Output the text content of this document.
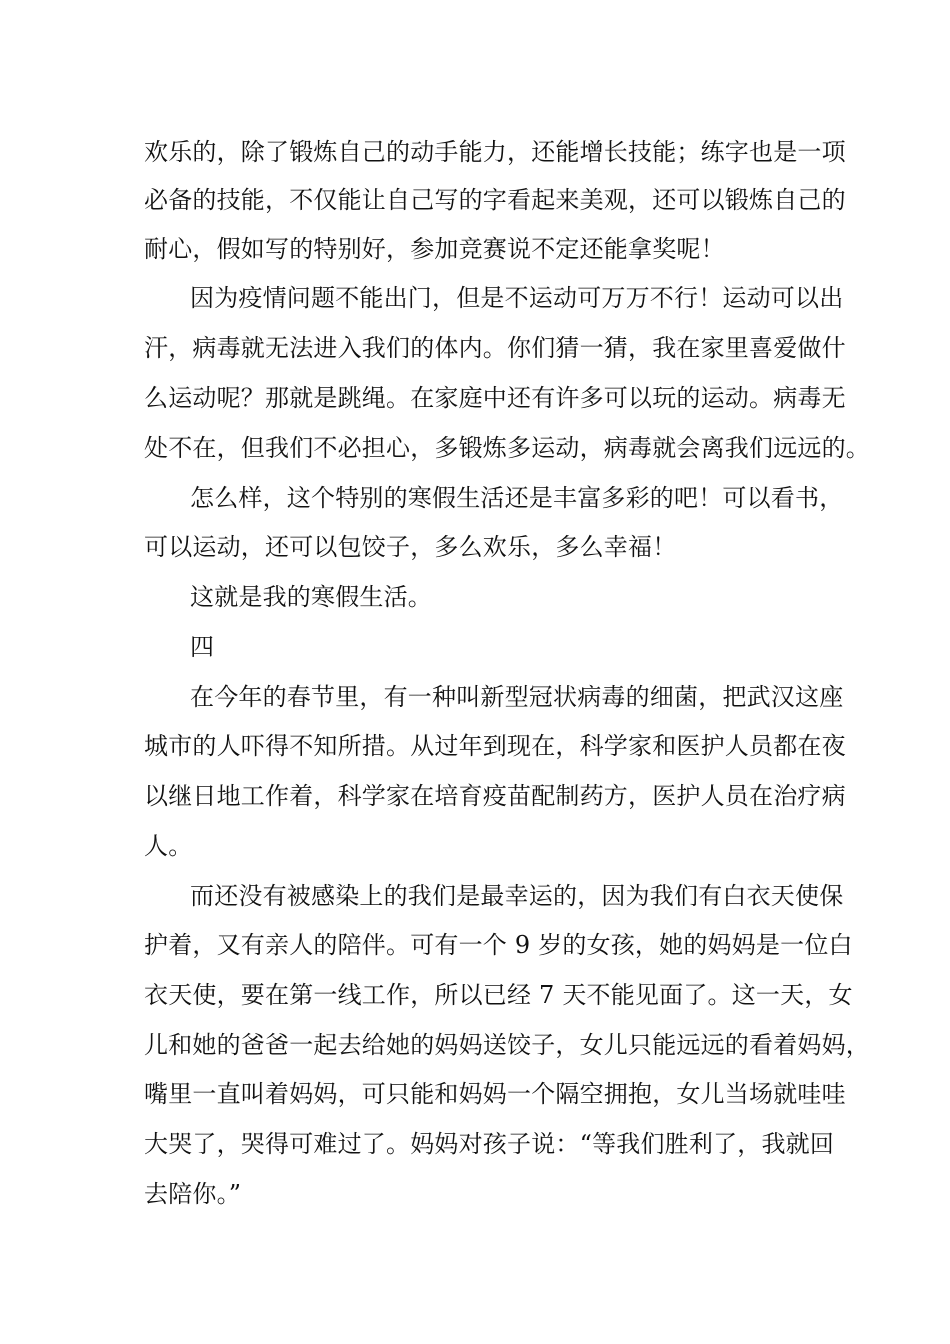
欢乐的，除了锻炼自己的动手能力，还能增长技能；练字也是一项
必备的技能，不仅能让自己写的字看起来美观，还可以锻炼自己的
耐心，假如写的特别好，参加竞赛说不定还能拿奖呢！
因为疫情问题不能出门，但是不运动可万万不行！运动可以出
汗，病毒就无法进入我们的体内。你们猜一猜，我在家里喜爱做什
么运动呢？那就是跳绳。在家庭中还有许多可以玩的运动。病毒无
处不在，但我们不必担心，多锻炼多运动，病毒就会离我们远远的。
怎么样，这个特别的寒假生活还是丰富多彩的吧！可以看书，
可以运动，还可以包饺子，多么欢乐，多么幸福！
这就是我的寒假生活。
四
在今年的春节里，有一种叫新型冠状病毒的细菌，把武汉这座
城市的人吓得不知所措。从过年到现在，科学家和医护人员都在夜
以继日地工作着，科学家在培育疫苗配制药方，医护人员在治疗病
人。
而还没有被感染上的我们是最幸运的，因为我们有白衣天使保
护着，又有亲人的陪伴。可有一个 9 岁的女孩，她的妈妈是一位白
衣天使，要在第一线工作，所以已经 7 天不能见面了。这一天，女
儿和她的爸爸一起去给她的妈妈送饺子，女儿只能远远的看着妈妈，
嘴里一直叫着妈妈，可只能和妈妈一个隔空拥抱，女儿当场就哇哇
大哭了，哭得可难过了。妈妈对孩子说：“等我们胜利了，我就回
去陪你。”
